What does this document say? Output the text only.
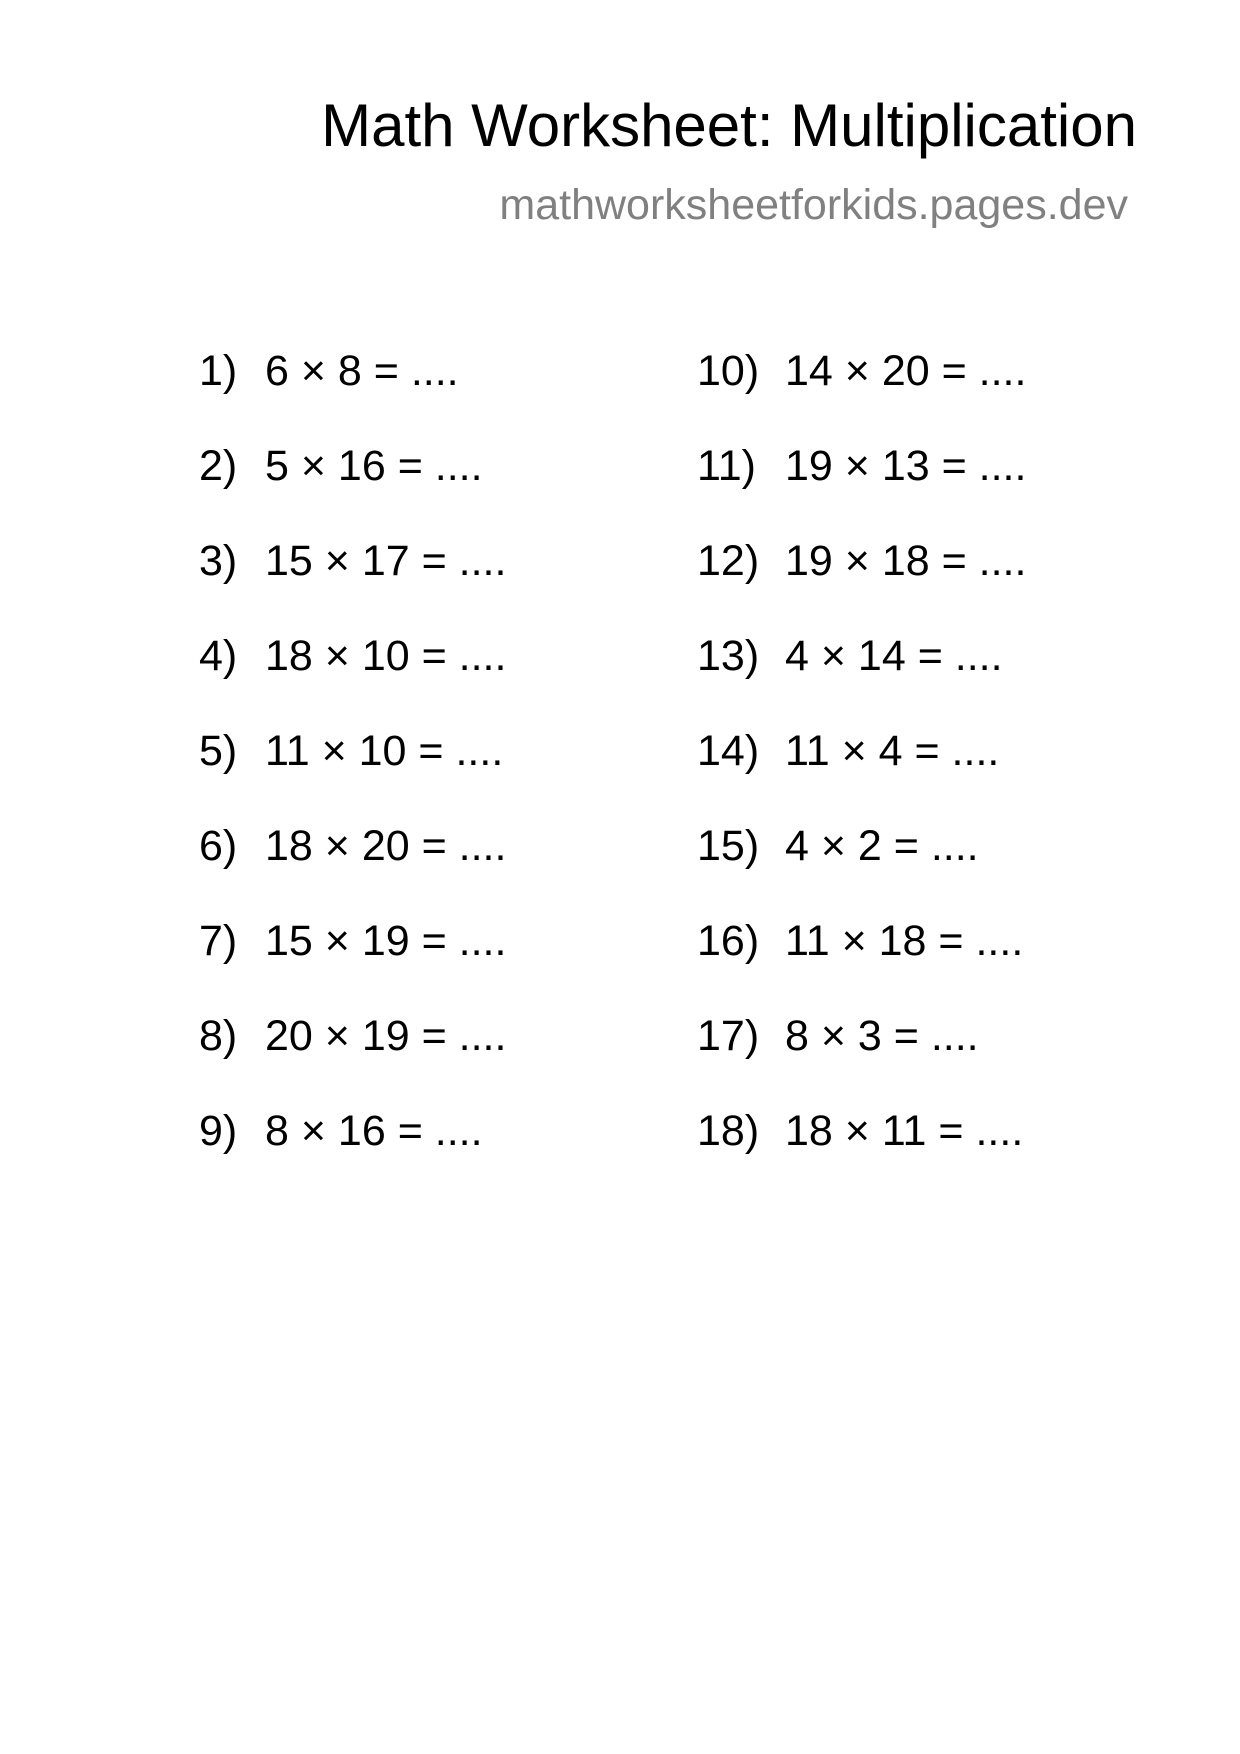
Math Worksheet: Multiplication
mathworksheetforkids.pages.dev
1) 6 × 8 = ....
2) 5 × 16 = ....
3) 15 × 17 = ....
4) 18 × 10 = ....
5) 11 × 10 = ....
6) 18 × 20 = ....
7) 15 × 19 = ....
8) 20 × 19 = ....
9) 8 × 16 = ....
10) 14 × 20 = ....
11) 19 × 13 = ....
12) 19 × 18 = ....
13) 4 × 14 = ....
14) 11 × 4 = ....
15) 4 × 2 = ....
16) 11 × 18 = ....
17) 8 × 3 = ....
18) 18 × 11 = ....
